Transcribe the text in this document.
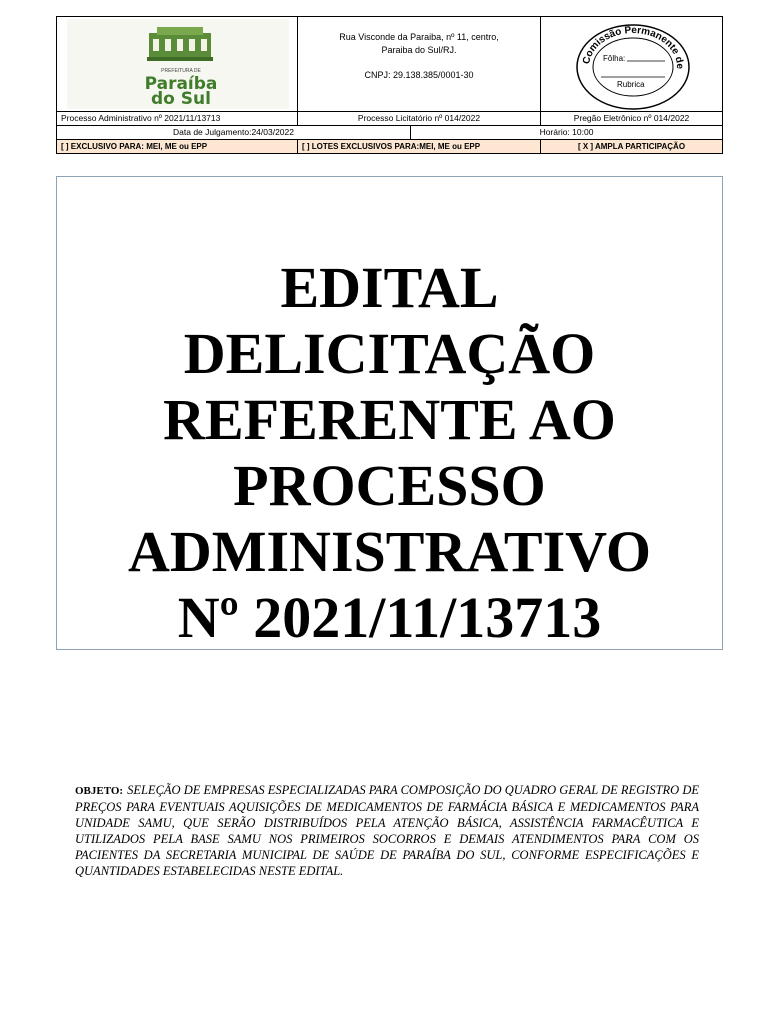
PREFEITURA DE
Paraíba
do Sul
Rua Visconde da Paraiba, nº 11, centro,
Paraiba do Sul/RJ.
CNPJ: 29.138.385/0001-30
Comissão Permanente de
Fôlha:
Rubrica
Processo Administrativo nº 2021/11/13713	Processo Licitatório nº 014/2022	Pregão Eletrônico nº 014/2022
Data de Julgamento:24/03/2022	Horário: 10:00
[ ] EXCLUSIVO PARA: MEI, ME ou EPP	[ ] LOTES EXCLUSIVOS PARA:MEI, ME ou EPP	[ X ] AMPLA PARTICIPAÇÃO
EDITAL
DELICITAÇÃO
REFERENTE AO
PROCESSO
ADMINISTRATIVO
Nº 2021/11/13713
OBJETO: SELEÇÃO DE EMPRESAS ESPECIALIZADAS PARA COMPOSIÇÃO DO QUADRO GERAL DE REGISTRO DE PREÇOS PARA EVENTUAIS AQUISIÇÕES DE MEDICAMENTOS DE FARMÁCIA BÁSICA E MEDICAMENTOS PARA UNIDADE SAMU, QUE SERÃO DISTRIBUÍDOS PELA ATENÇÃO BÁSICA, ASSISTÊNCIA FARMACÊUTICA E UTILIZADOS PELA BASE SAMU NOS PRIMEIROS SOCORROS E DEMAIS ATENDIMENTOS PARA COM OS PACIENTES DA SECRETARIA MUNICIPAL DE SAÚDE DE PARAÍBA DO SUL, CONFORME ESPECIFICAÇÕES E QUANTIDADES ESTABELECIDAS NESTE EDITAL.
